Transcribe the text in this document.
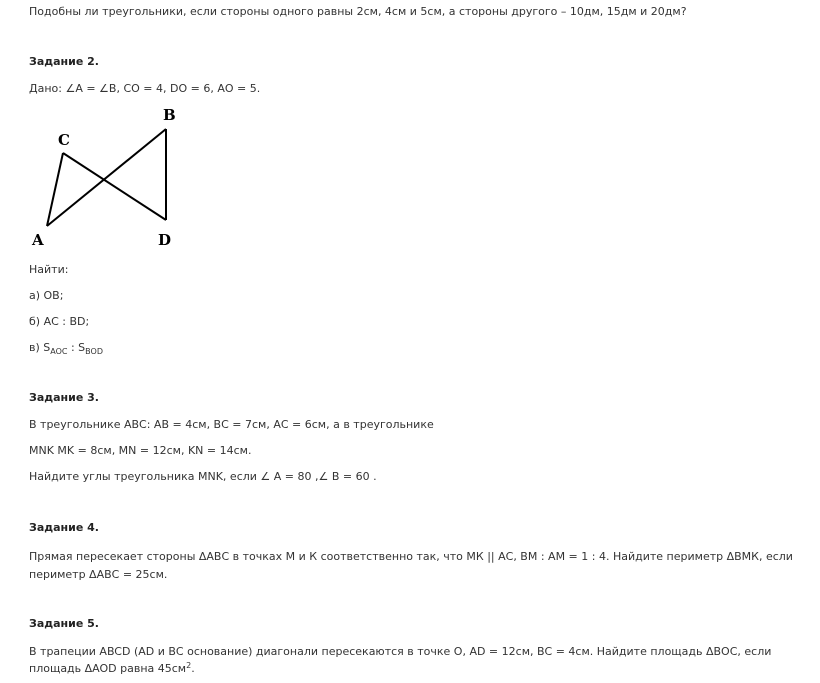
Подобны ли треугольники, если стороны одного равны 2см, 4см и 5см, а стороны другого – 10дм, 15дм и 20дм?
Задание 2.
Дано: ∠А = ∠В, СО = 4, DO = 6, АО = 5.
C
B
A	D
Найти:
а) ОВ;
б) АС : ВD;
в) $S_{AOC}$ : $S_{BOD}$
Задание 3.
В треугольнике АВС: АВ = 4см, ВС = 7см, АС = 6см, а в треугольнике
MNK MK = 8см, MN = 12см, KN = 14см.
Найдите углы треугольника MNK, если ∠ A = 80 ,∠ B = 60 .
Задание 4.
Прямая пересекает стороны ΔАВС в точках М и К соответственно так, что МК || АС, ВМ : АМ = 1 : 4. Найдите периметр ΔВМК, если периметр ΔАВС = 25см.
Задание 5.
В трапеции ABCD (AD и ВС основание) диагонали пересекаются в точке О, AD = 12см, ВС = 4см. Найдите площадь ΔВОС, если площадь ΔAOD равна $45см^2$.
